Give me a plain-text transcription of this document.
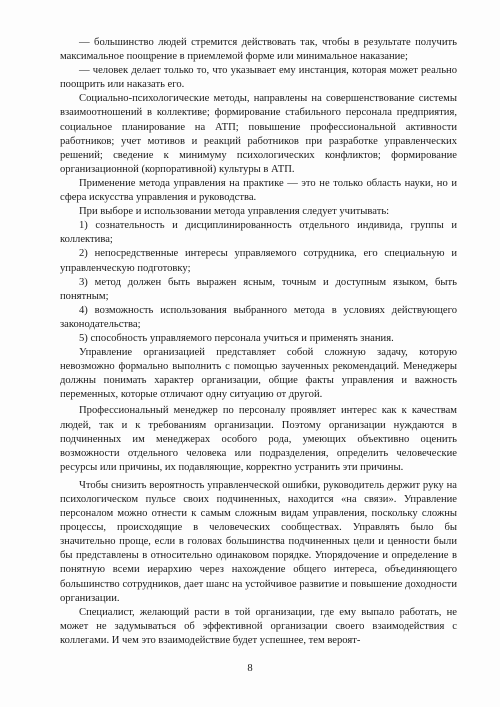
— большинство людей стремится действовать так, чтобы в результате получить максимальное поощрение в приемлемой форме или минимальное наказание;

— человек делает только то, что указывает ему инстанция, которая может реально поощрить или наказать его.

Социально-психологические методы, направлены на совершенствование системы взаимоотношений в коллективе; формирование стабильного персонала предприятия, социальное планирование на АТП; повышение профессиональной активности работников; учет мотивов и реакций работников при разработке управленческих решений; сведение к минимуму психологических конфликтов; формирование организационной (корпоративной) культуры в АТП.

Применение метода управления на практике — это не только область науки, но и сфера искусства управления и руководства.

При выборе и использовании метода управления следует учитывать:

1) сознательность и дисциплинированность отдельного индивида, группы и коллектива;

2) непосредственные интересы управляемого сотрудника, его специальную и управленческую подготовку;

3) метод должен быть выражен ясным, точным и доступным языком, быть понятным;

4) возможность использования выбранного метода в условиях действующего законодательства;

5) способность управляемого персонала учиться и применять знания.

Управление организацией представляет собой сложную задачу, которую невозможно формально выполнить с помощью заученных рекомендаций. Менеджеры должны понимать характер организации, общие факты управления и важность переменных, которые отличают одну ситуацию от другой.

Профессиональный менеджер по персоналу проявляет интерес как к качествам людей, так и к требованиям организации. Поэтому организации нуждаются в подчиненных им менеджерах особого рода, умеющих объективно оценить возможности отдельного человека или подразделения, определить человеческие ресурсы или причины, их подавляющие, корректно устранить эти причины.

Чтобы снизить вероятность управленческой ошибки, руководитель держит руку на психологическом пульсе своих подчиненных, находится «на связи». Управление персоналом можно отнести к самым сложным видам управления, поскольку сложны процессы, происходящие в человеческих сообществах. Управлять было бы значительно проще, если в головах большинства подчиненных цели и ценности были бы представлены в относительно одинаковом порядке. Упорядочение и определение в понятную всеми иерархию через нахождение общего интереса, объединяющего большинство сотрудников, дает шанс на устойчивое развитие и повышение доходности организации.

Специалист, желающий расти в той организации, где ему выпало работать, не может не задумываться об эффективной организации своего взаимодействия с коллегами. И чем это взаимодействие будет успешнее, тем вероят-

8
